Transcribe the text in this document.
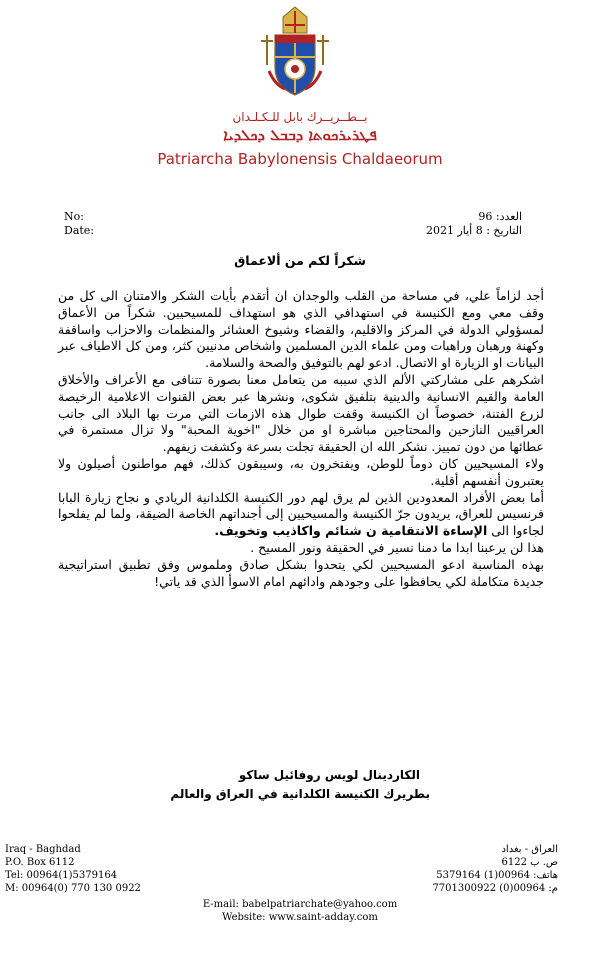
بــطــريــرك بابل للـكـلـدان
ܦܛܪܝܪܟܘܬܐ ܕܒܒܠ ܕܟܠܕܝܐ
Patriarcha Babylonensis Chaldaeorum
No:
Date:
العدد: 96
التاريخ : 8 أيار 2021
شكراً لكم من ألاعماق

أجد لزاماً علي، في مساحة من القلب والوجدان ان أتقدم بأيات الشكر والامتنان الى كل من وقف معي ومع الكنيسة في استهدافي الذي هو استهداف للمسيحيين. شكراً من الأعماق لمسؤولي الدولة في المركز والاقليم، والقضاء وشيوخ العشائر والمنظمات والاحزاب واساقفة وكهنة ورهبان وراهبات ومن علماء الدين المسلمين واشخاص مدنيين كثر، ومن كل الاطياف عبر البيانات او الزيارة او الاتصال. ادعو لهم بالتوفيق والصحة والسلامة.

اشكرهم على مشاركتي الألم الذي سببه من يتعامل معنا بصورة تتنافى مع الأعراف والأخلاق العامة والقيم الانسانية والدينية بتلفيق شكوى، ونشرها عبر بعض القنوات الاعلامية الرخيصة لزرع الفتنة، خصوصاً ان الكنيسة وقفت طوال هذه الازمات التي مرت بها البلاد الى جانب العراقيين النازحين والمحتاجين مباشرة او من خلال "اخوية المحبة" ولا تزال مستمرة في عطائها من دون تمييز. نشكر الله ان الحقيقة تجلت بسرعة وكشفت زيفهم.

ولاء المسيحيين كان دوماً للوطن، ويفتخرون به، وسيبقون كذلك، فهم مواطنون أصيلون ولا يعتبرون أنفسهم أقلية.

أما بعض الأفراد المعدودين الذين لم يرق لهم دور الكنيسة الكلدانية الريادي و نجاح زيارة البابا فرنسيس للعراق، يريدون جرّ الكنيسة والمسيحيين إلى أجنداتهم الخاصة الضيقة، ولما لم يفلحوا لجاءوا الى الإساءة الانتقامية ن شتائم واكاذيب وتخويف.

هذا لن يرعبنا ابدا ما دمنا نسير في الحقيقة ونور المسيح .

بهذه المناسبة ادعو المسيحيين لكي يتحدوا بشكل صادق وملموس وفق تطبيق استراتيجية جديدة متكاملة لكي يحافظوا على وجودهم وادائهم امام الاسوأ الذي قد ياتي!

الكاردينال لويس روفائيل ساكو
بطريرك الكنيسة الكلدانية في العراق والعالم
Iraq - Baghdad
P.O. Box 6112
Tel: 00964(1)5379164
M: 00964(0) 770 130 0922
العراق - بغداد
ص. ب 6122
هاتف: 00964(1) 5379164
م: 00964(0) 7701300922
E-mail: babelpatriarchate@yahoo.com
Website: www.saint-adday.com
